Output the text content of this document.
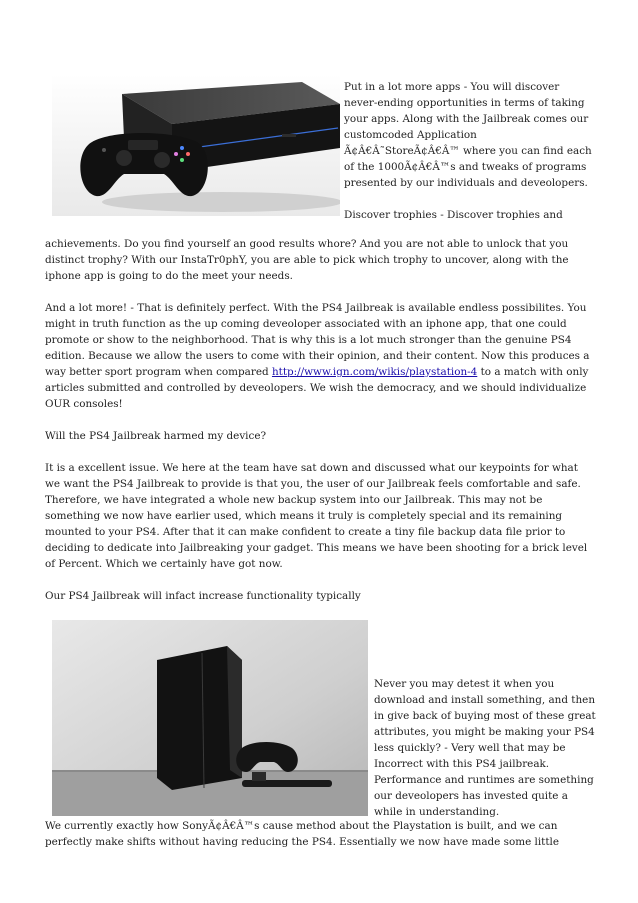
Put in a lot more apps - You will discover never-ending opportunities in terms of taking your apps. Along with the Jailbreak comes our customcoded Application Ã¢Â€Â˜StoreÃ¢Â€Â™ where you can find each of the 1000Ã¢Â€Â™s and tweaks of programs presented by our individuals and deveolopers.

Discover trophies - Discover trophies and

achievements. Do you find yourself an good results whore? And you are not able to unlock that you distinct trophy? With our InstaTr0phY, you are able to pick which trophy to uncover, along with the iphone app is going to do the meet your needs.

And a lot more! - That is definitely perfect. With the PS4 Jailbreak is available endless possibilites. You might in truth function as the up coming deveoloper associated with an iphone app, that one could promote or show to the neighborhood. That is why this is a lot much stronger than the genuine PS4 edition. Because we allow the users to come with their opinion, and their content. Now this produces a way better sport program when compared http://www.ign.com/wikis/playstation-4 to a match with only articles submitted and controlled by deveolopers. We wish the democracy, and we should individualize OUR consoles!

Will the PS4 Jailbreak harmed my device?

It is a excellent issue. We here at the team have sat down and discussed what our keypoints for what we want the PS4 Jailbreak to provide is that you, the user of our Jailbreak feels comfortable and safe. Therefore, we have integrated a whole new backup system into our Jailbreak. This may not be something we now have earlier used, which means it truly is completely special and its remaining mounted to your PS4. After that it can make confident to create a tiny file backup data file prior to deciding to dedicate into Jailbreaking your gadget. This means we have been shooting for a brick level of Percent. Which we certainly have got now.

Our PS4 Jailbreak will infact increase functionality typically

Never you may detest it when you download and install something, and then in give back of buying most of these great attributes, you might be making your PS4 less quickly? - Very well that may be Incorrect with this PS4 jailbreak. Performance and runtimes are something our deveolopers has invested quite a while in understanding.

We currently exactly how SonyÃ¢Â€Â™s cause method about the Playstation is built, and we can perfectly make shifts without having reducing the PS4. Essentially we now have made some little
